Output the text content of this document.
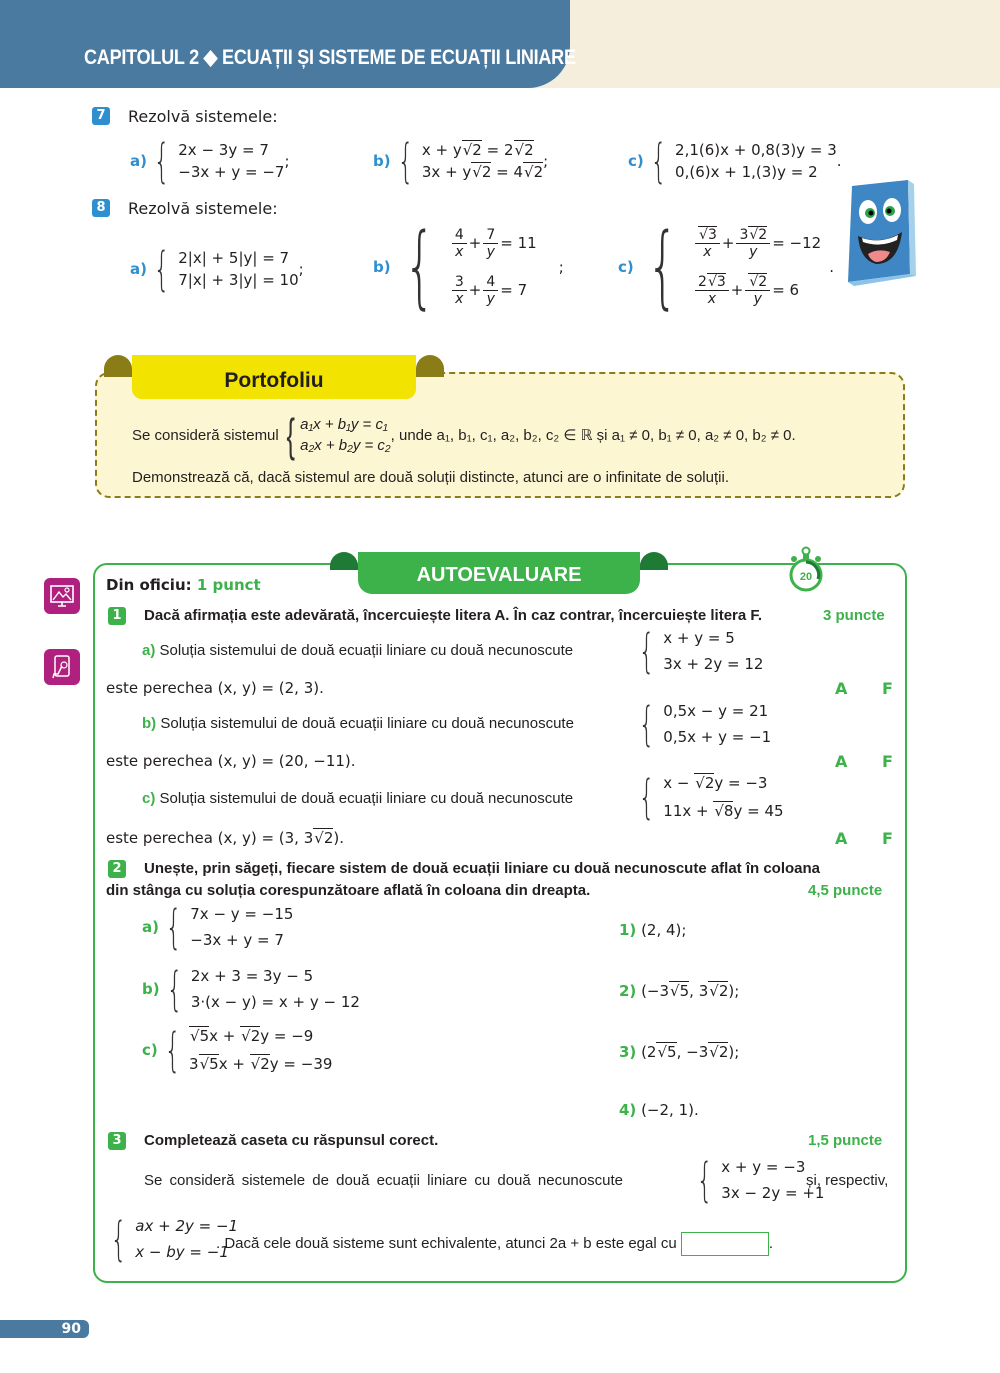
CAPITOLUL 2 ◆ ECUAȚII ȘI SISTEME DE ECUAȚII LINIARE
7 Rezolvă sistemele:
a) { 2x − 3y = 7
−3x + y = −7
;	b) { x + y √ 2 = 2 √ 2
3x + y √ 2 = 4 √ 2
;	c) { 2,1(6)x + 0,8(3)y = 3
0,(6)x + 1,(3)y = 2
.
8 Rezolvă sistemele:
a) { 2|x| + 5|y| = 7
7|x| + 3|y| = 10
;	b) { $\frac{4}{x} + \frac{7}{y} = 11$
$\frac{3}{x} + \frac{4}{y} = 7$
;	c) { √ $\frac{3}{x} + \frac{3 √ 2}{y} = -12$
$\frac{2 √ 3}{x}$ + √ $\frac{2}{y} = 6$
.
Portofoliu
Se consideră sistemul { a₁x + b₁y = c₁
a₂x + b₂y = c₂
, unde a₁, b₁, c₁, a₂, b₂, c₂ ∈ ℝ și a₁ ≠ 0, b₁ ≠ 0, a₂ ≠ 0, b₂ ≠ 0.
Demonstrează că, dacă sistemul are două soluții distincte, atunci are o infinitate de soluții.
AUTOEVALUARE	20
Din oficiu: 1 punct
1 Dacă afirmația este adevărată, încercuiește litera A. În caz contrar, încercuiește litera F.	3 puncte
a) Soluția sistemului de două ecuații liniare cu două necunoscute { x + y = 5
3x + 2y = 12
este perechea (x, y) = (2, 3).	A F
b) Soluția sistemului de două ecuații liniare cu două necunoscute { 0,5x − y = 21
0,5x + y = −1
este perechea (x, y) = (20, −11).	A F
c) Soluția sistemului de două ecuații liniare cu două necunoscute { x − √ 2y = −3
11x + √ 8y = 45
este perechea (x, y) = (3, 3 √ 2).	A F
2 Unește, prin săgeți, fiecare sistem de două ecuații liniare cu două necunoscute aflat în coloana
din stânga cu soluția corespunzătoare aflată în coloana din dreapta.	4,5 puncte
a) { 7x − y = −15
−3x + y = 7
b) { 2x + 3 = 3y − 5
3·(x − y) = x + y − 12
c) {	√ 5x + √ 2y = −9
3 √ 5x + √ 2y = −39
1) (2, 4);
2) (−3 √ 5, 3 √ 2);
3) (2 √ 5, −3 √ 2);
4) (−2, 1).
3 Completează caseta cu răspunsul corect.	1,5 puncte
Se consideră sistemele de două ecuații liniare cu două necunoscute { x + y = −3
3x − 2y = +1
și, respectiv,
{ ax + 2y = −1
x − by = −1
. Dacă cele două sisteme sunt echivalente, atunci 2a + b este egal cu	.
90
